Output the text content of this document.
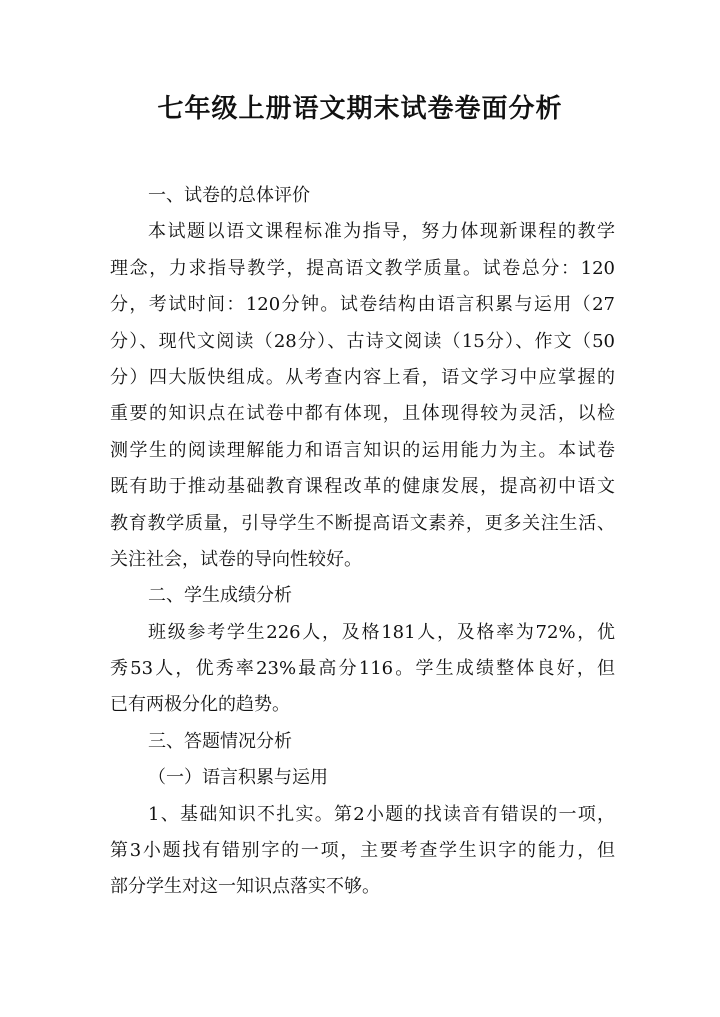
七年级上册语文期末试卷卷面分析
一、试卷的总体评价
本试题以语文课程标准为指导，努力体现新课程的教学
理念，力求指导教学，提高语文教学质量。试卷总分：120
分，考试时间：120分钟。试卷结构由语言积累与运用（27
分）、现代文阅读（28分）、古诗文阅读（15分）、作文（50
分）四大版快组成。从考查内容上看，语文学习中应掌握的
重要的知识点在试卷中都有体现，且体现得较为灵活，以检
测学生的阅读理解能力和语言知识的运用能力为主。本试卷
既有助于推动基础教育课程改革的健康发展，提高初中语文
教育教学质量，引导学生不断提高语文素养，更多关注生活、
关注社会，试卷的导向性较好。
二、学生成绩分析
班级参考学生226人，及格181人，及格率为72%，优
秀53人，优秀率23%最高分116。学生成绩整体良好，但
已有两极分化的趋势。
三、答题情况分析
（一）语言积累与运用
1、基础知识不扎实。第2小题的找读音有错误的一项，
第3小题找有错别字的一项，主要考查学生识字的能力，但
部分学生对这一知识点落实不够。
